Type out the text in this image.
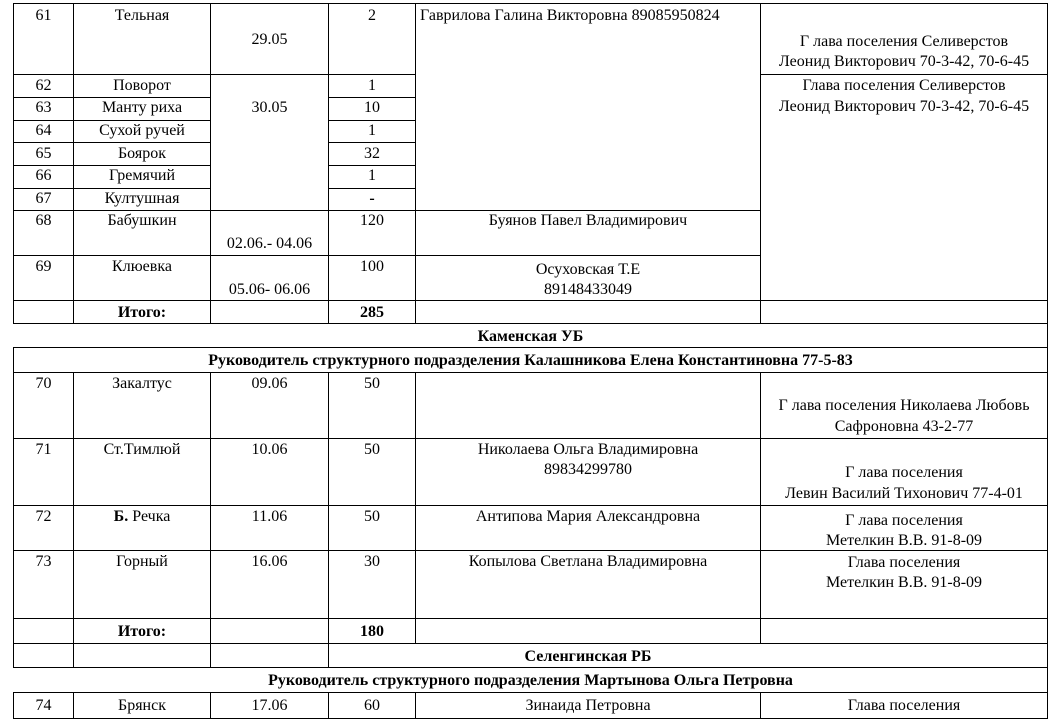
61
62
63
64
65
66
67
68
69
70
71
72
73
74
Тельная
Поворот
Манту риха
Сухой ручей
Боярок
Гремячий
Култушная
Бабушкин
Клюевка
Закалтус
Ст.Тимлюй
Б. Речка
Горный
Брянск
29.05
30.05
02.06.- 04.06
05.06- 06.06
09.06
10.06
11.06
16.06
17.06
2
1
10
1
32
1
-
120
100
50
50
50
30
60
Гаврилова Галина Викторовна 89085950824
Буянов Павел Владимирович
Осуховская Т.Е
89148433049
Николаева Ольга Владимировна
89834299780
Антипова Мария Александровна
Копылова Светлана Владимировна
Зинаида Петровна
Г лава поселения Селиверстов
Леонид Викторович 70-3-42, 70-6-45
Глава поселения Селиверстов
Леонид Викторович 70-3-42, 70-6-45
Г лава поселения Николаева Любовь
Сафроновна 43-2-77
Г лава поселения
Левин Василий Тихонович 77-4-01
Г лава поселения
Метелкин В.В. 91-8-09
Глава поселения
Метелкин В.В. 91-8-09
Глава поселения
Итого:	285
Итого:	180
Каменская УБ
Руководитель структурного подразделения Калашникова Елена Константиновна 77-5-83
Селенгинская РБ
Руководитель структурного подразделения Мартынова Ольга Петровна
